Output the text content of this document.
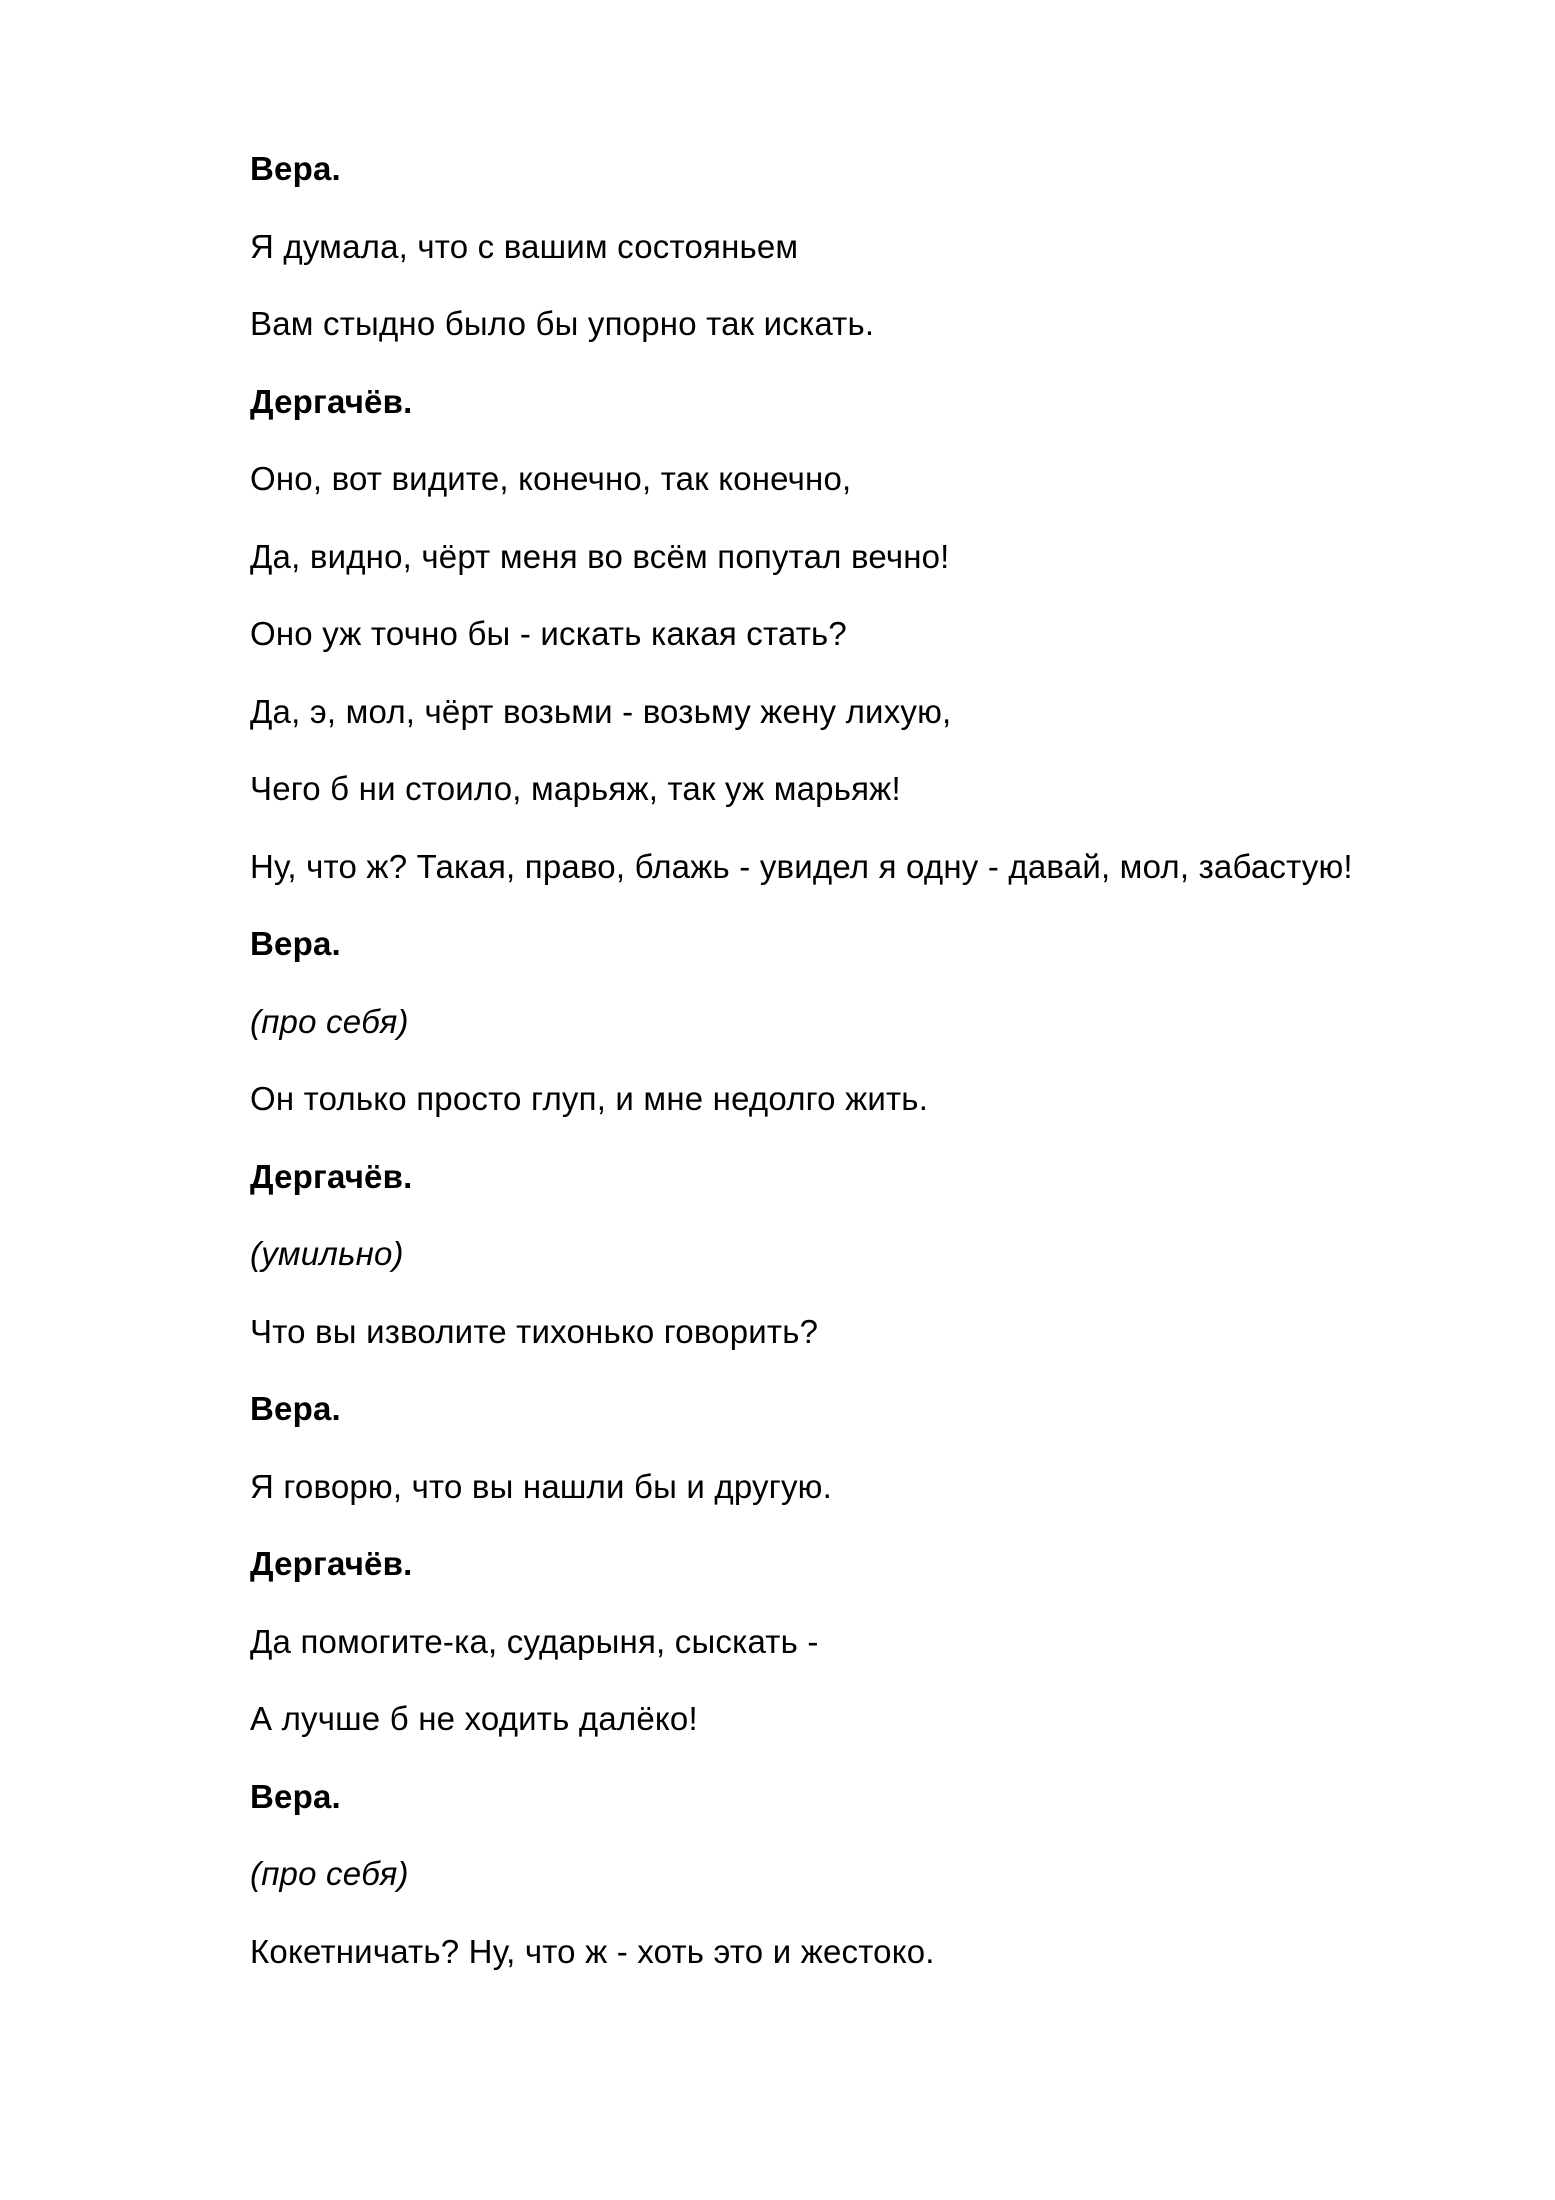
Вера.

Я думала, что с вашим состояньем

Вам стыдно было бы упорно так искать.

Дергачёв.

Оно, вот видите, конечно, так конечно,

Да, видно, чёрт меня во всём попутал вечно!

Оно уж точно бы - искать какая стать?

Да, э, мол, чёрт возьми - возьму жену лихую,

Чего б ни стоило, марьяж, так уж марьяж!

Ну, что ж? Такая, право, блажь - увидел я одну - давай, мол, забастую!

Вера.

(про себя)

Он только просто глуп, и мне недолго жить.

Дергачёв.

(умильно)

Что вы изволите тихонько говорить?

Вера.

Я говорю, что вы нашли бы и другую.

Дергачёв.

Да помогите-ка, сударыня, сыскать -

А лучше б не ходить далёко!

Вера.

(про себя)

Кокетничать? Ну, что ж - хоть это и жестоко.
